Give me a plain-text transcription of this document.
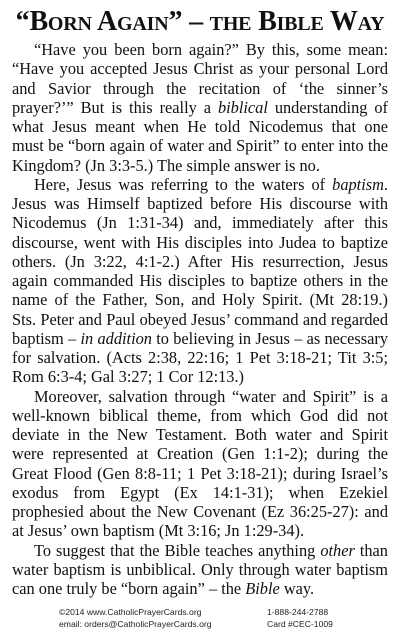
“Born Again” – the Bible Way

“Have you been born again?” By this, some mean: “Have you accepted Jesus Christ as your personal Lord and Savior through the recitation of ‘the sinner’s prayer?’” But is this really a biblical understanding of what Jesus meant when He told Nicodemus that one must be “born again of water and Spirit” to enter into the Kingdom? (Jn 3:3-5.) The simple answer is no.

Here, Jesus was referring to the waters of baptism. Jesus was Himself baptized before His discourse with Nicodemus (Jn 1:31-34) and, immediately after this discourse, went with His disciples into Judea to baptize others. (Jn 3:22, 4:1-2.) After His resurrection, Jesus again commanded His disciples to baptize others in the name of the Father, Son, and Holy Spirit. (Mt 28:19.) Sts. Peter and Paul obeyed Jesus’ command and regarded baptism – in addition to believing in Jesus – as necessary for salvation. (Acts 2:38, 22:16; 1 Pet 3:18-21; Tit 3:5; Rom 6:3-4; Gal 3:27; 1 Cor 12:13.)

Moreover, salvation through “water and Spirit” is a well-known biblical theme, from which God did not deviate in the New Testament. Both water and Spirit were represented at Creation (Gen 1:1-2); during the Great Flood (Gen 8:8-11; 1 Pet 3:18-21); during Israel’s exodus from Egypt (Ex 14:1-31); when Ezekiel prophesied about the New Covenant (Ez 36:25-27): and at Jesus’ own baptism (Mt 3:16; Jn 1:29-34).

To suggest that the Bible teaches anything other than water baptism is unbiblical. Only through water baptism can one truly be “born again” – the Bible way.

©2014 www.CatholicPrayerCards.org	1-888-244-2788
email: orders@CatholicPrayerCards.org	Card #CEC-1009
